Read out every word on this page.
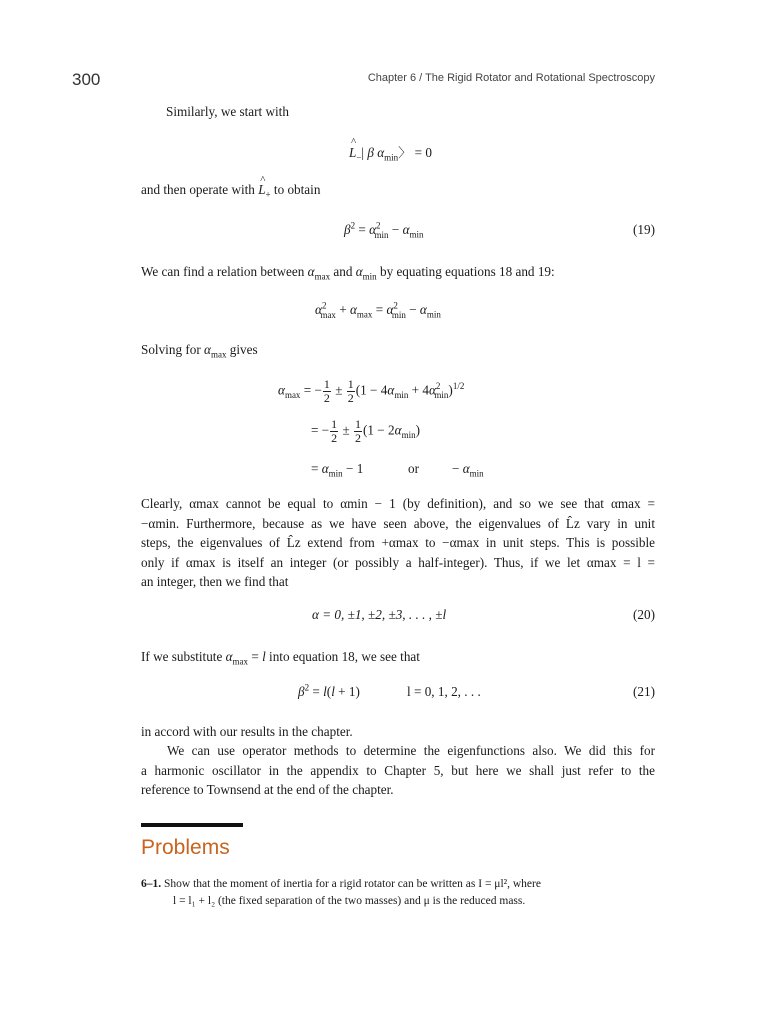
300	Chapter 6 / The Rigid Rotator and Rotational Spectroscopy
Similarly, we start with
^ $L_-|$ β $\alpha_{min}$〉 = 0
and then operate with ^ $L_+$ to obtain
$\beta^2 = \alpha^2_{min} - \alpha_{min}$	(19)
We can find a relation between $\alpha_{max}$ and $\alpha_{min}$ by equating equations 18 and 19:
$\alpha^2_{max} + \alpha_{max} = \alpha^2_{min} - \alpha_{min}$
Solving for $\alpha_{max}$ gives
$\alpha_{max}$ = − $\frac{1}{2} \pm \frac{1}{2} (1 - 4\alpha_{min} + 4\alpha^2_{min})^{1/2}$
= − $\frac{1}{2} \pm \frac{1}{2} (1 - 2\alpha_{min})$
= $\alpha_{min} - 1$	or	− $\alpha_{min}$
Clearly, αmax cannot be equal to αmin − 1 (by definition), and so we see that αmax =
−αmin. Furthermore, because as we have seen above, the eigenvalues of L̂z vary in unit
steps, the eigenvalues of L̂z extend from +αmax to −αmax in unit steps. This is possible
only if αmax is itself an integer (or possibly a half-integer). Thus, if we let αmax = l =
an integer, then we find that
α = 0, ±1, ±2, ±3, . . . , ±l	(20)
If we substitute $\alpha_{max} = l$ into equation 18, we see that
$\beta^2 = l(l + 1)$	l = 0, 1, 2, . . .	(21)
in accord with our results in the chapter.
We can use operator methods to determine the eigenfunctions also. We did this for
a harmonic oscillator in the appendix to Chapter 5, but here we shall just refer to the
reference to Townsend at the end of the chapter.
Problems
6–1. Show that the moment of inertia for a rigid rotator can be written as I = μl², where
l = l₁ + l₂ (the fixed separation of the two masses) and μ is the reduced mass.
